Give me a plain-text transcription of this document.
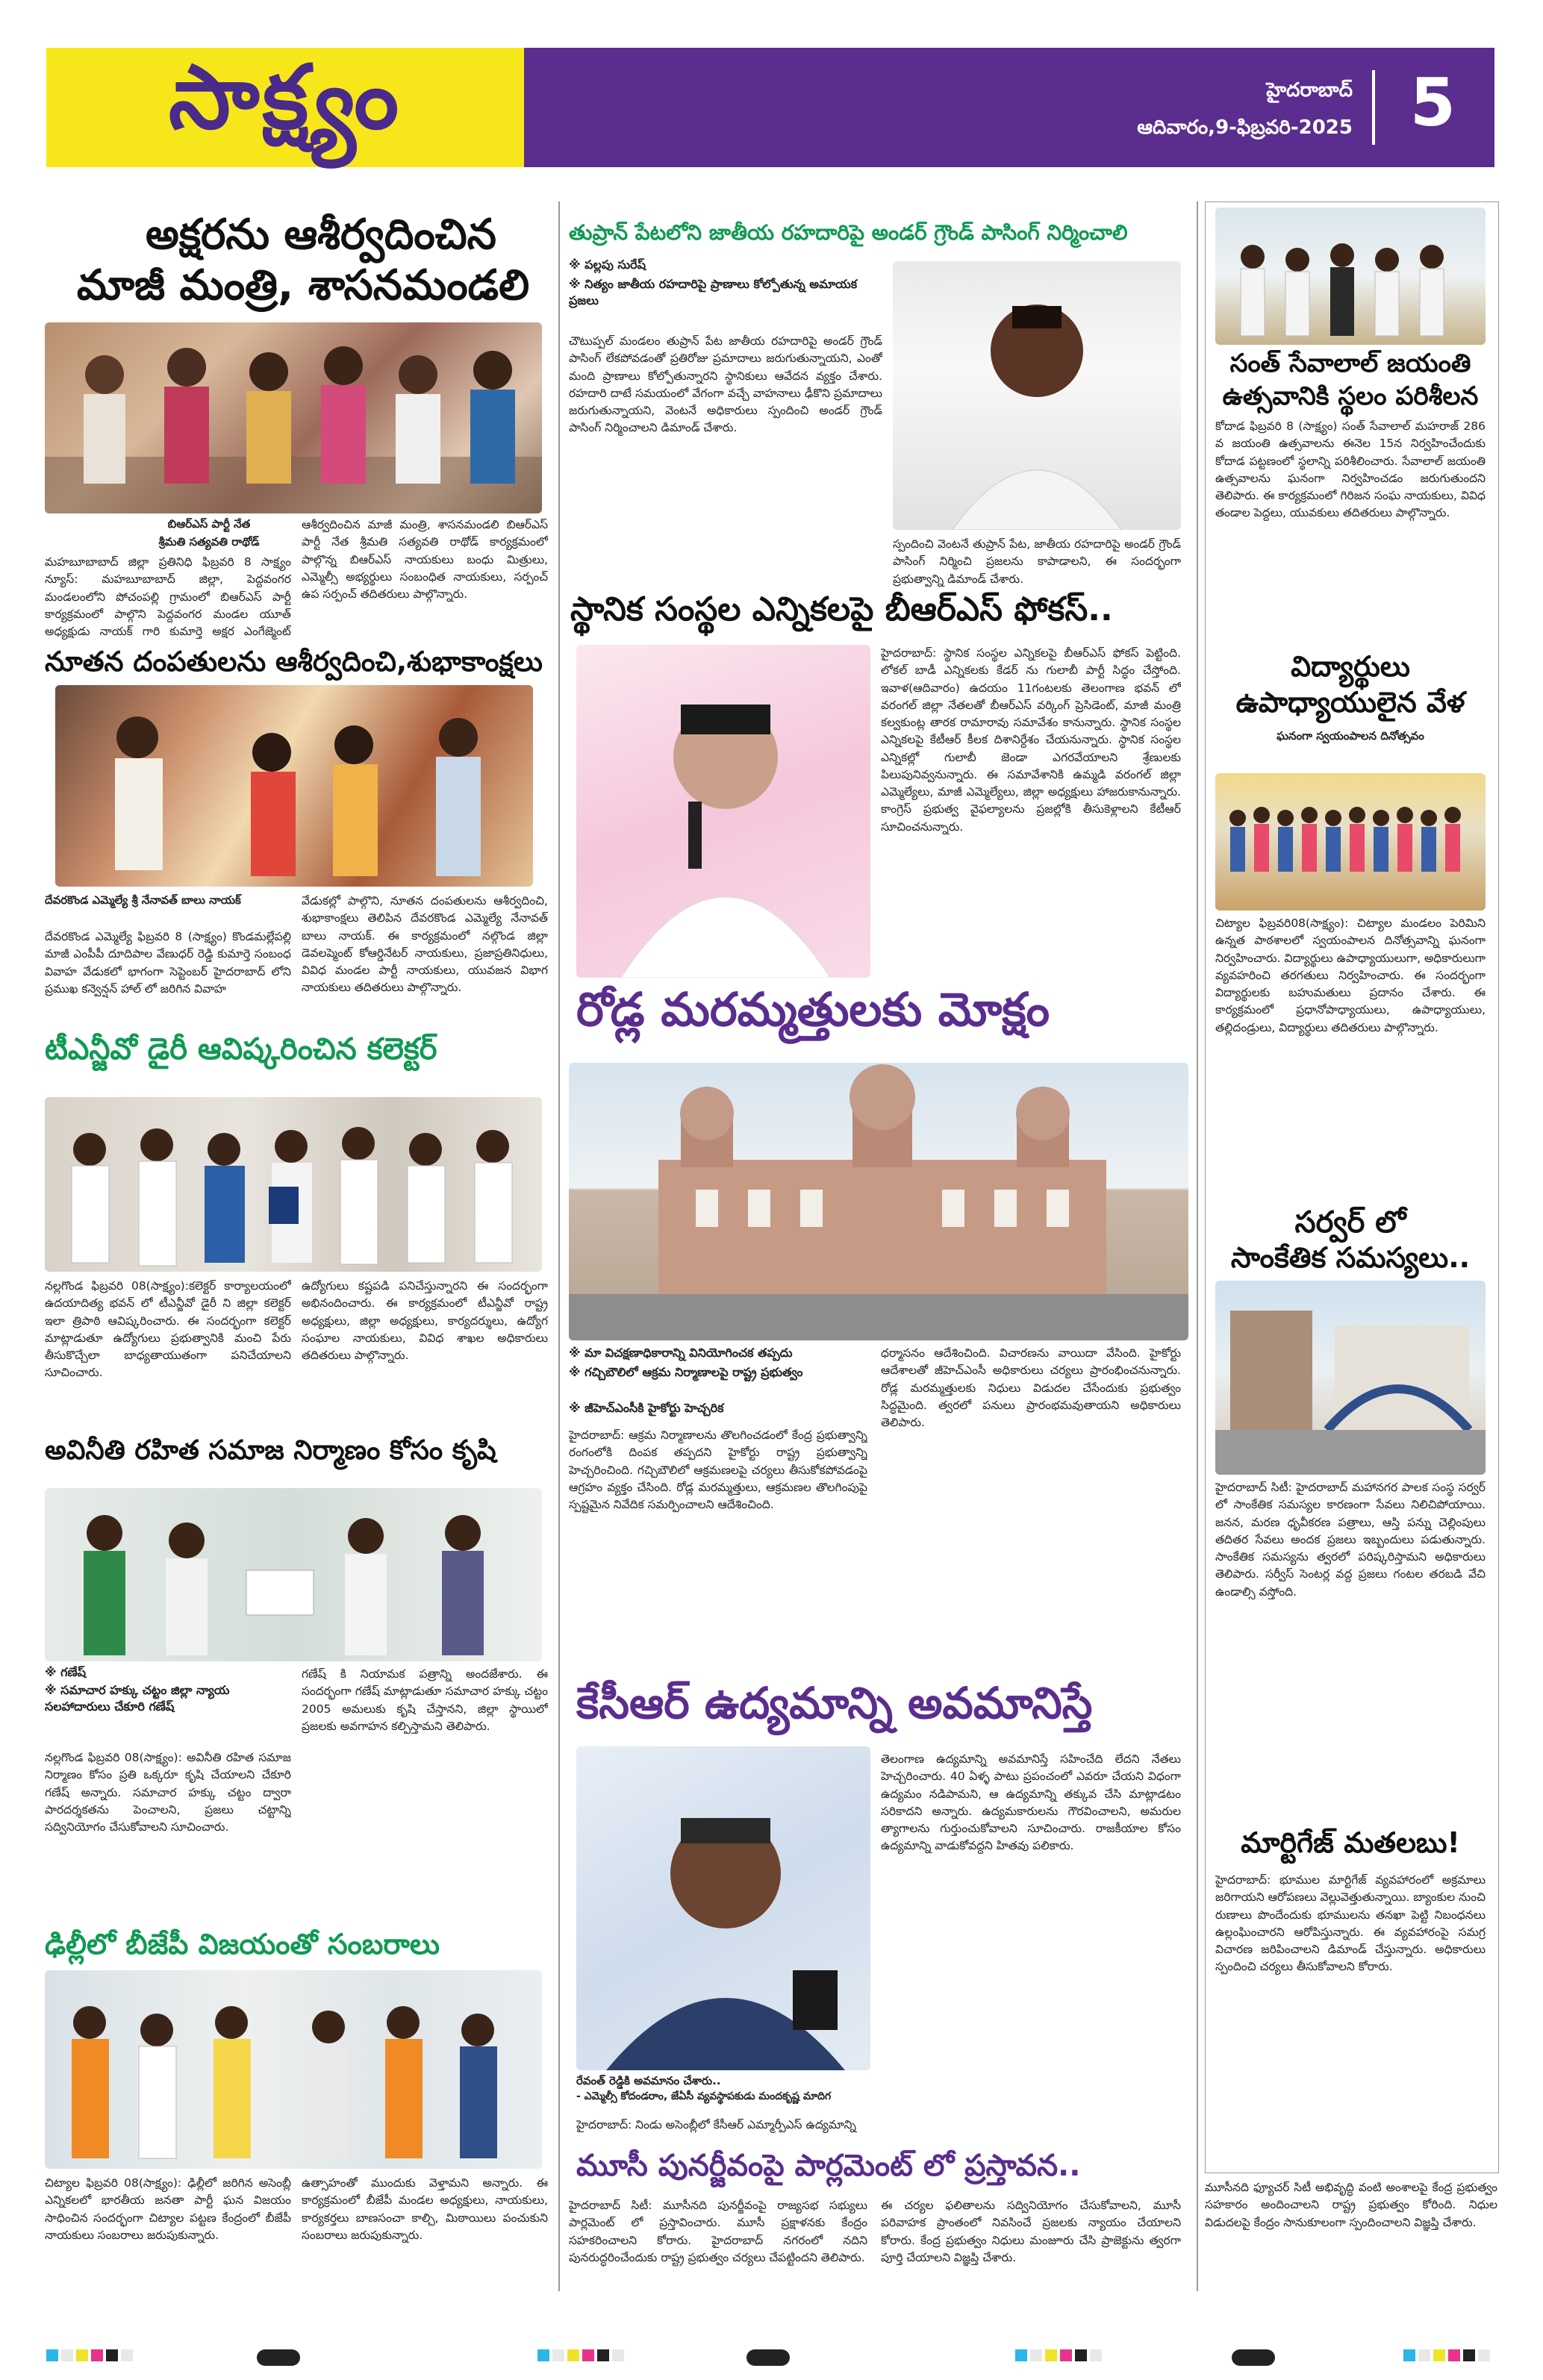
సాక్ష్యం	హైదరాబాద్
ఆదివారం,9-ఫిబ్రవరి-2025 5
అక్షరను ఆశీర్వదించిన
మాజీ మంత్రి, శాసనమండలి
బిఆర్ఎస్ పార్టీ నేత
శ్రీమతి సత్యవతి రాథోడ్
మహబూబాబాద్ జిల్లా ప్రతినిధి ఫిబ్రవరి 8 సాక్ష్యం న్యూస్: మహబూబాబాద్ జిల్లా, పెద్దవంగర మండలంలోని పోచంపల్లి గ్రామంలో బిఆర్ఎస్ పార్టీ కార్యక్రమంలో పాల్గొని పెద్దవంగర మండల యూత్ అధ్యక్షుడు నాయక్ గారి కుమార్తె అక్షర ఎంగేజ్మెంట్
ఆశీర్వదించిన మాజీ మంత్రి, శాసనమండలి బిఆర్ఎస్ పార్టీ నేత శ్రీమతి సత్యవతి రాథోడ్ కార్యక్రమంలో పాల్గొన్న బిఆర్ఎస్ నాయకులు బంధు మిత్రులు, ఎమ్మెల్సీ అభ్యర్థులు సంబంధిత నాయకులు, సర్పంచ్ ఉప సర్పంచ్ తదితరులు పాల్గొన్నారు.
నూతన దంపతులను ఆశీర్వదించి,శుభాకాంక్షలు
దేవరకొండ ఎమ్మెల్యే శ్రీ నేనావత్ బాలు నాయక్
దేవరకొండ ఎమ్మెల్యే ఫిబ్రవరి 8 (సాక్ష్యం) కొండమల్లేపల్లి మాజీ ఎంపీపీ దూదిపాల వేణుధర్ రెడ్డి కుమార్తె సంబంధ వివాహ వేడుకలో భాగంగా సెప్టెంబర్ హైదరాబాద్ లోని ప్రముఖ కన్వెన్షన్ హాల్ లో జరిగిన వివాహ
వేడుకల్లో పాల్గొని, నూతన దంపతులను ఆశీర్వదించి, శుభాకాంక్షలు తెలిపిన దేవరకొండ ఎమ్మెల్యే నేనావత్ బాలు నాయక్. ఈ కార్యక్రమంలో నల్గొండ జిల్లా డెవలప్మెంట్ కోఆర్డినేటర్ నాయకులు, ప్రజాప్రతినిధులు, వివిధ మండల పార్టీ నాయకులు, యువజన విభాగ నాయకులు తదితరులు పాల్గొన్నారు.
టీఎన్జీవో డైరీ ఆవిష్కరించిన కలెక్టర్
నల్లగొండ ఫిబ్రవరి 08(సాక్ష్యం):కలెక్టర్ కార్యాలయంలో ఉదయాదిత్య భవన్ లో టీఎన్జీవో డైరీ ని జిల్లా కలెక్టర్ ఇలా త్రిపాఠి ఆవిష్కరించారు. ఈ సందర్భంగా కలెక్టర్ మాట్లాడుతూ ఉద్యోగులు ప్రభుత్వానికి మంచి పేరు తీసుకొచ్చేలా బాధ్యతాయుతంగా పనిచేయాలని సూచించారు.
ఉద్యోగులు కష్టపడి పనిచేస్తున్నారని ఈ సందర్భంగా అభినందించారు. ఈ కార్యక్రమంలో టీఎన్జీవో రాష్ట్ర అధ్యక్షులు, జిల్లా అధ్యక్షులు, కార్యదర్శులు, ఉద్యోగ సంఘాల నాయకులు, వివిధ శాఖల అధికారులు తదితరులు పాల్గొన్నారు.
అవినీతి రహిత సమాజ నిర్మాణం కోసం కృషి
※ గణేష్
※ సమాచార హక్కు చట్టం జిల్లా న్యాయ సలహాదారులు చేకూరి గణేష్
నల్లగొండ ఫిబ్రవరి 08(సాక్ష్యం): అవినీతి రహిత సమాజ నిర్మాణం కోసం ప్రతి ఒక్కరూ కృషి చేయాలని చేకూరి గణేష్ అన్నారు. సమాచార హక్కు చట్టం ద్వారా పారదర్శకతను పెంచాలని, ప్రజలు చట్టాన్ని సద్వినియోగం చేసుకోవాలని సూచించారు.
గణేష్ కి నియామక పత్రాన్ని అందజేశారు. ఈ సందర్భంగా గణేష్ మాట్లాడుతూ సమాచార హక్కు చట్టం 2005 అమలుకు కృషి చేస్తానని, జిల్లా స్థాయిలో ప్రజలకు అవగాహన కల్పిస్తామని తెలిపారు.
ఢిల్లీలో బీజేపీ విజయంతో సంబరాలు
చిట్యాల ఫిబ్రవరి 08(సాక్ష్యం): ఢిల్లీలో జరిగిన అసెంబ్లీ ఎన్నికలలో భారతీయ జనతా పార్టీ ఘన విజయం సాధించిన సందర్భంగా చిట్యాల పట్టణ కేంద్రంలో బీజేపీ నాయకులు సంబరాలు జరుపుకున్నారు.
ఉత్సాహంతో ముందుకు వెళ్తామని అన్నారు. ఈ కార్యక్రమంలో బీజేపీ మండల అధ్యక్షులు, నాయకులు, కార్యకర్తలు బాణసంచా కాల్చి, మిఠాయిలు పంచుకుని సంబరాలు జరుపుకున్నారు.
తుప్రాన్ పేటలోని జాతీయ రహదారిపై అండర్ గ్రౌండ్ పాసింగ్ నిర్మించాలి
※ పల్లపు సురేష్
※ నిత్యం జాతీయ రహదారిపై ప్రాణాలు కోల్పోతున్న అమాయక ప్రజలు
చౌటుప్పల్ మండలం తుప్రాన్ పేట జాతీయ రహదారిపై అండర్ గ్రౌండ్ పాసింగ్ లేకపోవడంతో ప్రతిరోజు ప్రమాదాలు జరుగుతున్నాయని, ఎంతో మంది ప్రాణాలు కోల్పోతున్నారని స్థానికులు ఆవేదన వ్యక్తం చేశారు. రహదారి దాటే సమయంలో వేగంగా వచ్చే వాహనాలు ఢీకొని ప్రమాదాలు జరుగుతున్నాయని, వెంటనే అధికారులు స్పందించి అండర్ గ్రౌండ్ పాసింగ్ నిర్మించాలని డిమాండ్ చేశారు.
స్పందించి వెంటనే తుప్రాన్ పేట, జాతీయ రహదారిపై అండర్ గ్రౌండ్ పాసింగ్ నిర్మించి ప్రజలను కాపాడాలని, ఈ సందర్భంగా ప్రభుత్వాన్ని డిమాండ్ చేశారు.
స్థానిక సంస్థల ఎన్నికలపై బీఆర్ఎస్ ఫోకస్..
హైదరాబాద్: స్థానిక సంస్థల ఎన్నికలపై బీఆర్ఎస్ ఫోకస్ పెట్టింది. లోకల్ బాడీ ఎన్నికలకు కేడర్ ను గులాబీ పార్టీ సిద్ధం చేస్తోంది. ఇవాళ(ఆదివారం) ఉదయం 11గంటలకు తెలంగాణ భవన్ లో వరంగల్ జిల్లా నేతలతో బీఆర్ఎస్ వర్కింగ్ ప్రెసిడెంట్, మాజీ మంత్రి కల్వకుంట్ల తారక రామారావు సమావేశం కానున్నారు. స్థానిక సంస్థల ఎన్నికలపై కేటీఆర్ కీలక దిశానిర్దేశం చేయనున్నారు. స్థానిక సంస్థల ఎన్నికల్లో గులాబీ జెండా ఎగరవేయాలని శ్రేణులకు పిలుపునివ్వనున్నారు. ఈ సమావేశానికి ఉమ్మడి వరంగల్ జిల్లా ఎమ్మెల్యేలు, మాజీ ఎమ్మెల్యేలు, జిల్లా అధ్యక్షులు హాజరుకానున్నారు. కాంగ్రెస్ ప్రభుత్వ వైఫల్యాలను ప్రజల్లోకి తీసుకెళ్లాలని కేటీఆర్ సూచించనున్నారు.
రోడ్ల మరమ్మత్తులకు మోక్షం
※ మా విచక్షణాధికారాన్ని వినియోగించక తప్పదు
※ గచ్చిబౌలిలో ఆక్రమ నిర్మాణాలపై రాష్ట్ర ప్రభుత్వం
※ జీహెచ్ఎంసీకి హైకోర్టు హెచ్చరిక
హైదరాబాద్: ఆక్రమ నిర్మాణాలను తొలగించడంలో కేంద్ర ప్రభుత్వాన్ని రంగంలోకి దింపక తప్పదని హైకోర్టు రాష్ట్ర ప్రభుత్వాన్ని హెచ్చరించింది. గచ్చిబౌలిలో ఆక్రమణలపై చర్యలు తీసుకోకపోవడంపై ఆగ్రహం వ్యక్తం చేసింది. రోడ్ల మరమ్మత్తులు, ఆక్రమణల తొలగింపుపై స్పష్టమైన నివేదిక సమర్పించాలని ఆదేశించింది.
ధర్మాసనం ఆదేశించింది. విచారణను వాయిదా వేసింది. హైకోర్టు ఆదేశాలతో జీహెచ్ఎంసీ అధికారులు చర్యలు ప్రారంభించనున్నారు. రోడ్ల మరమ్మత్తులకు నిధులు విడుదల చేసేందుకు ప్రభుత్వం సిద్ధమైంది. త్వరలో పనులు ప్రారంభమవుతాయని అధికారులు తెలిపారు.
కేసీఆర్ ఉద్యమాన్ని అవమానిస్తే
రేవంత్ రెడ్డికి అవమానం చేశారు..
- ఎమ్మెల్సీ కోదండరాం, జేఏసీ వ్యవస్థాపకుడు మందకృష్ణ మాదిగ
తెలంగాణ ఉద్యమాన్ని అవమానిస్తే సహించేది లేదని నేతలు హెచ్చరించారు. 40 ఏళ్ళ పాటు ప్రపంచంలో ఎవరూ చేయని విధంగా ఉద్యమం నడిపామని, ఆ ఉద్యమాన్ని తక్కువ చేసి మాట్లాడటం సరికాదని అన్నారు. ఉద్యమకారులను గౌరవించాలని, అమరుల త్యాగాలను గుర్తుంచుకోవాలని సూచించారు. రాజకీయాల కోసం ఉద్యమాన్ని వాడుకోవద్దని హితవు పలికారు.
హైదరాబాద్: నిండు అసెంబ్లీలో కేసీఆర్ ఎమ్మార్పీఎస్ ఉద్యమాన్ని
మూసీ పునర్జీవంపై పార్లమెంట్ లో ప్రస్తావన..
హైదరాబాద్ సిటీ: మూసీనది పునర్జీవంపై రాజ్యసభ సభ్యులు పార్లమెంట్ లో ప్రస్తావించారు. మూసీ ప్రక్షాళనకు కేంద్రం సహకరించాలని కోరారు. హైదరాబాద్ నగరంలో నదిని పునరుద్ధరించేందుకు రాష్ట్ర ప్రభుత్వం చర్యలు చేపట్టిందని తెలిపారు.
ఈ చర్యల ఫలితాలను సద్వినియోగం చేసుకోవాలని, మూసీ పరివాహక ప్రాంతంలో నివసించే ప్రజలకు న్యాయం చేయాలని కోరారు. కేంద్ర ప్రభుత్వం నిధులు మంజూరు చేసి ప్రాజెక్టును త్వరగా పూర్తి చేయాలని విజ్ఞప్తి చేశారు.
సంత్ సేవాలాల్ జయంతి
ఉత్సవానికి స్థలం పరిశీలన
కోదాడ ఫిబ్రవరి 8 (సాక్ష్యం) సంత్ సేవాలాల్ మహరాజ్ 286 వ జయంతి ఉత్సవాలను ఈనెల 15న నిర్వహించేందుకు కోదాడ పట్టణంలో స్థలాన్ని పరిశీలించారు. సేవాలాల్ జయంతి ఉత్సవాలను ఘనంగా నిర్వహించడం జరుగుతుందని తెలిపారు. ఈ కార్యక్రమంలో గిరిజన సంఘ నాయకులు, వివిధ తండాల పెద్దలు, యువకులు తదితరులు పాల్గొన్నారు.
విద్యార్థులు
ఉపాధ్యాయులైన వేళ
ఘనంగా స్వయంపాలన దినోత్సవం
చిట్యాల ఫిబ్రవరి08(సాక్ష్యం): చిట్యాల మండలం పెరిమిని ఉన్నత పాఠశాలలో స్వయంపాలన దినోత్సవాన్ని ఘనంగా నిర్వహించారు. విద్యార్థులు ఉపాధ్యాయులుగా, అధికారులుగా వ్యవహరించి తరగతులు నిర్వహించారు. ఈ సందర్భంగా విద్యార్థులకు బహుమతులు ప్రదానం చేశారు. ఈ కార్యక్రమంలో ప్రధానోపాధ్యాయులు, ఉపాధ్యాయులు, తల్లిదండ్రులు, విద్యార్థులు తదితరులు పాల్గొన్నారు.
సర్వర్ లో
సాంకేతిక సమస్యలు..
హైదరాబాద్ సిటీ: హైదరాబాద్ మహానగర పాలక సంస్థ సర్వర్ లో సాంకేతిక సమస్యల కారణంగా సేవలు నిలిచిపోయాయి. జనన, మరణ ధృవీకరణ పత్రాలు, ఆస్తి పన్ను చెల్లింపులు తదితర సేవలు అందక ప్రజలు ఇబ్బందులు పడుతున్నారు. సాంకేతిక సమస్యను త్వరలో పరిష్కరిస్తామని అధికారులు తెలిపారు. సర్వీస్ సెంటర్ల వద్ద ప్రజలు గంటల తరబడి వేచి ఉండాల్సి వస్తోంది.
మార్టిగేజ్ మతలబు!
హైదరాబాద్: భూముల మార్టిగేజ్ వ్యవహారంలో అక్రమాలు జరిగాయని ఆరోపణలు వెల్లువెత్తుతున్నాయి. బ్యాంకుల నుంచి రుణాలు పొందేందుకు భూములను తనఖా పెట్టి నిబంధనలు ఉల్లంఘించారని ఆరోపిస్తున్నారు. ఈ వ్యవహారంపై సమగ్ర విచారణ జరిపించాలని డిమాండ్ చేస్తున్నారు. అధికారులు స్పందించి చర్యలు తీసుకోవాలని కోరారు.
మూసీనది ఫ్యూచర్ సిటీ అభివృద్ధి వంటి అంశాలపై కేంద్ర ప్రభుత్వం సహకారం అందించాలని రాష్ట్ర ప్రభుత్వం కోరింది. నిధుల విడుదలపై కేంద్రం సానుకూలంగా స్పందించాలని విజ్ఞప్తి చేశారు.
